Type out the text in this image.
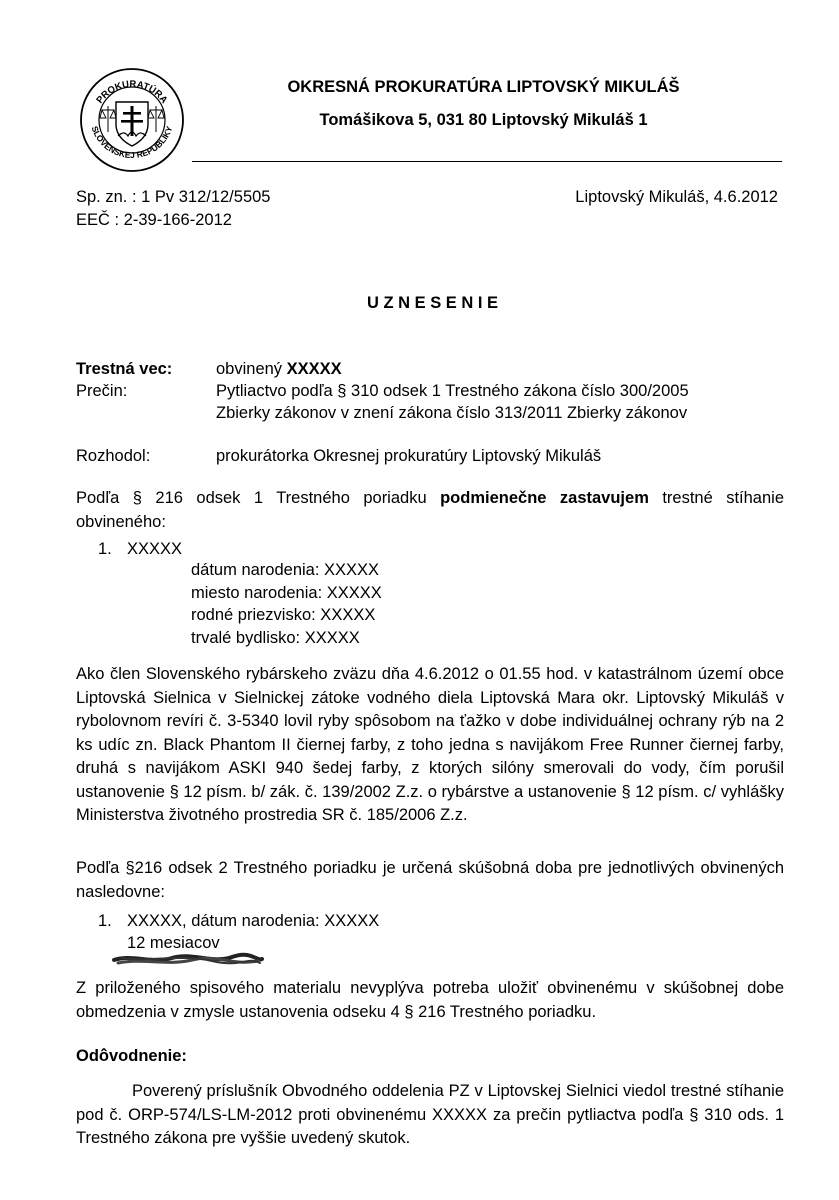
PROKURATÚRA
SLOVENSKEJ REPUBLIKY
OKRESNÁ PROKURATÚRA LIPTOVSKÝ MIKULÁŠ
Tomášikova 5, 031 80 Liptovský Mikuláš 1
Sp. zn. : 1 Pv 312/12/5505
EEČ : 2-39-166-2012
Liptovský Mikuláš, 4.6.2012
U Z N E S E N I E
Trestná vec:	obvinený XXXXX
Prečin:	Pytliactvo podľa § 310 odsek 1 Trestného zákona číslo 300/2005
Zbierky zákonov v znení zákona číslo 313/2011 Zbierky zákonov
Rozhodol:	prokurátorka Okresnej prokuratúry Liptovský Mikuláš
Podľa § 216 odsek 1 Trestného poriadku podmienečne zastavujem trestné stíhanie obvineného:
1. XXXXX
dátum narodenia: XXXXX
miesto narodenia: XXXXX
rodné priezvisko: XXXXX
trvalé bydlisko: XXXXX
Ako člen Slovenského rybárskeho zväzu dňa 4.6.2012 o 01.55 hod. v katastrálnom území obce Liptovská Sielnica v Sielnickej zátoke vodného diela Liptovská Mara okr. Liptovský Mikuláš v rybolovnom revíri č. 3-5340 lovil ryby spôsobom na ťažko v dobe individuálnej ochrany rýb na 2 ks udíc zn. Black Phantom II čiernej farby, z toho jedna s navijákom Free Runner čiernej farby, druhá s navijákom ASKI 940 šedej farby, z ktorých silóny smerovali do vody, čím porušil ustanovenie § 12 písm. b/ zák. č. 139/2002 Z.z. o rybárstve a ustanovenie § 12 písm. c/ vyhlášky Ministerstva životného prostredia SR č. 185/2006 Z.z.
Podľa §216 odsek 2 Trestného poriadku je určená skúšobná doba pre jednotlivých obvinených nasledovne:
1. XXXXX, dátum narodenia: XXXXX
12 mesiacov
Z priloženého spisového materialu nevyplýva potreba uložiť obvinenému v skúšobnej dobe obmedzenia v zmysle ustanovenia odseku 4 § 216 Trestného poriadku.
Odôvodnenie:
Poverený príslušník Obvodného oddelenia PZ v Liptovskej Sielnici viedol trestné stíhanie pod č. ORP-574/LS-LM-2012 proti obvinenému XXXXX za prečin pytliactva podľa § 310 ods. 1 Trestného zákona pre vyššie uvedený skutok.
